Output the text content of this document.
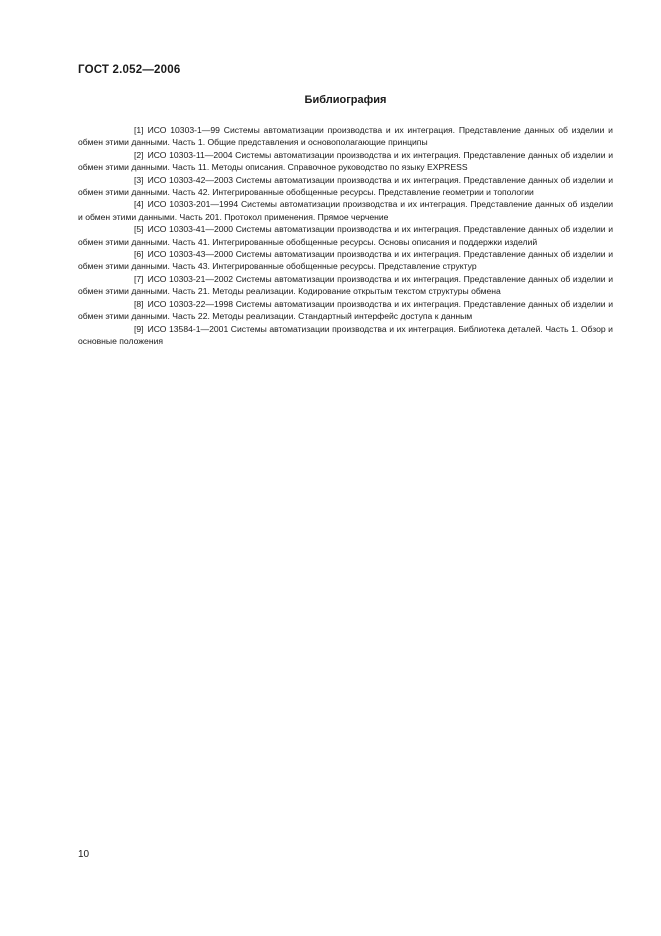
ГОСТ 2.052—2006
Библиография

[1] ИСО 10303-1—99 Системы автоматизации производства и их интеграция. Представление данных об изделии и обмен этими данными. Часть 1. Общие представления и основополагающие принципы

[2] ИСО 10303-11—2004 Системы автоматизации производства и их интеграция. Представление данных об изделии и обмен этими данными. Часть 11. Методы описания. Справочное руководство по языку EXPRESS

[3] ИСО 10303-42—2003 Системы автоматизации производства и их интеграция. Представление данных об изделии и обмен этими данными. Часть 42. Интегрированные обобщенные ресурсы. Представление геометрии и топологии

[4] ИСО 10303-201—1994 Системы автоматизации производства и их интеграция. Представление данных об изделии и обмен этими данными. Часть 201. Протокол применения. Прямое черчение

[5] ИСО 10303-41—2000 Системы автоматизации производства и их интеграция. Представление данных об изделии и обмен этими данными. Часть 41. Интегрированные обобщенные ресурсы. Основы описания и поддержки изделий

[6] ИСО 10303-43—2000 Системы автоматизации производства и их интеграция. Представление данных об изделии и обмен этими данными. Часть 43. Интегрированные обобщенные ресурсы. Представление структур

[7] ИСО 10303-21—2002 Системы автоматизации производства и их интеграция. Представление данных об изделии и обмен этими данными. Часть 21. Методы реализации. Кодирование открытым текстом структуры обмена

[8] ИСО 10303-22—1998 Системы автоматизации производства и их интеграция. Представление данных об изделии и обмен этими данными. Часть 22. Методы реализации. Стандартный интерфейс доступа к данным

[9] ИСО 13584-1—2001 Системы автоматизации производства и их интеграция. Библиотека деталей. Часть 1. Обзор и основные положения

10
